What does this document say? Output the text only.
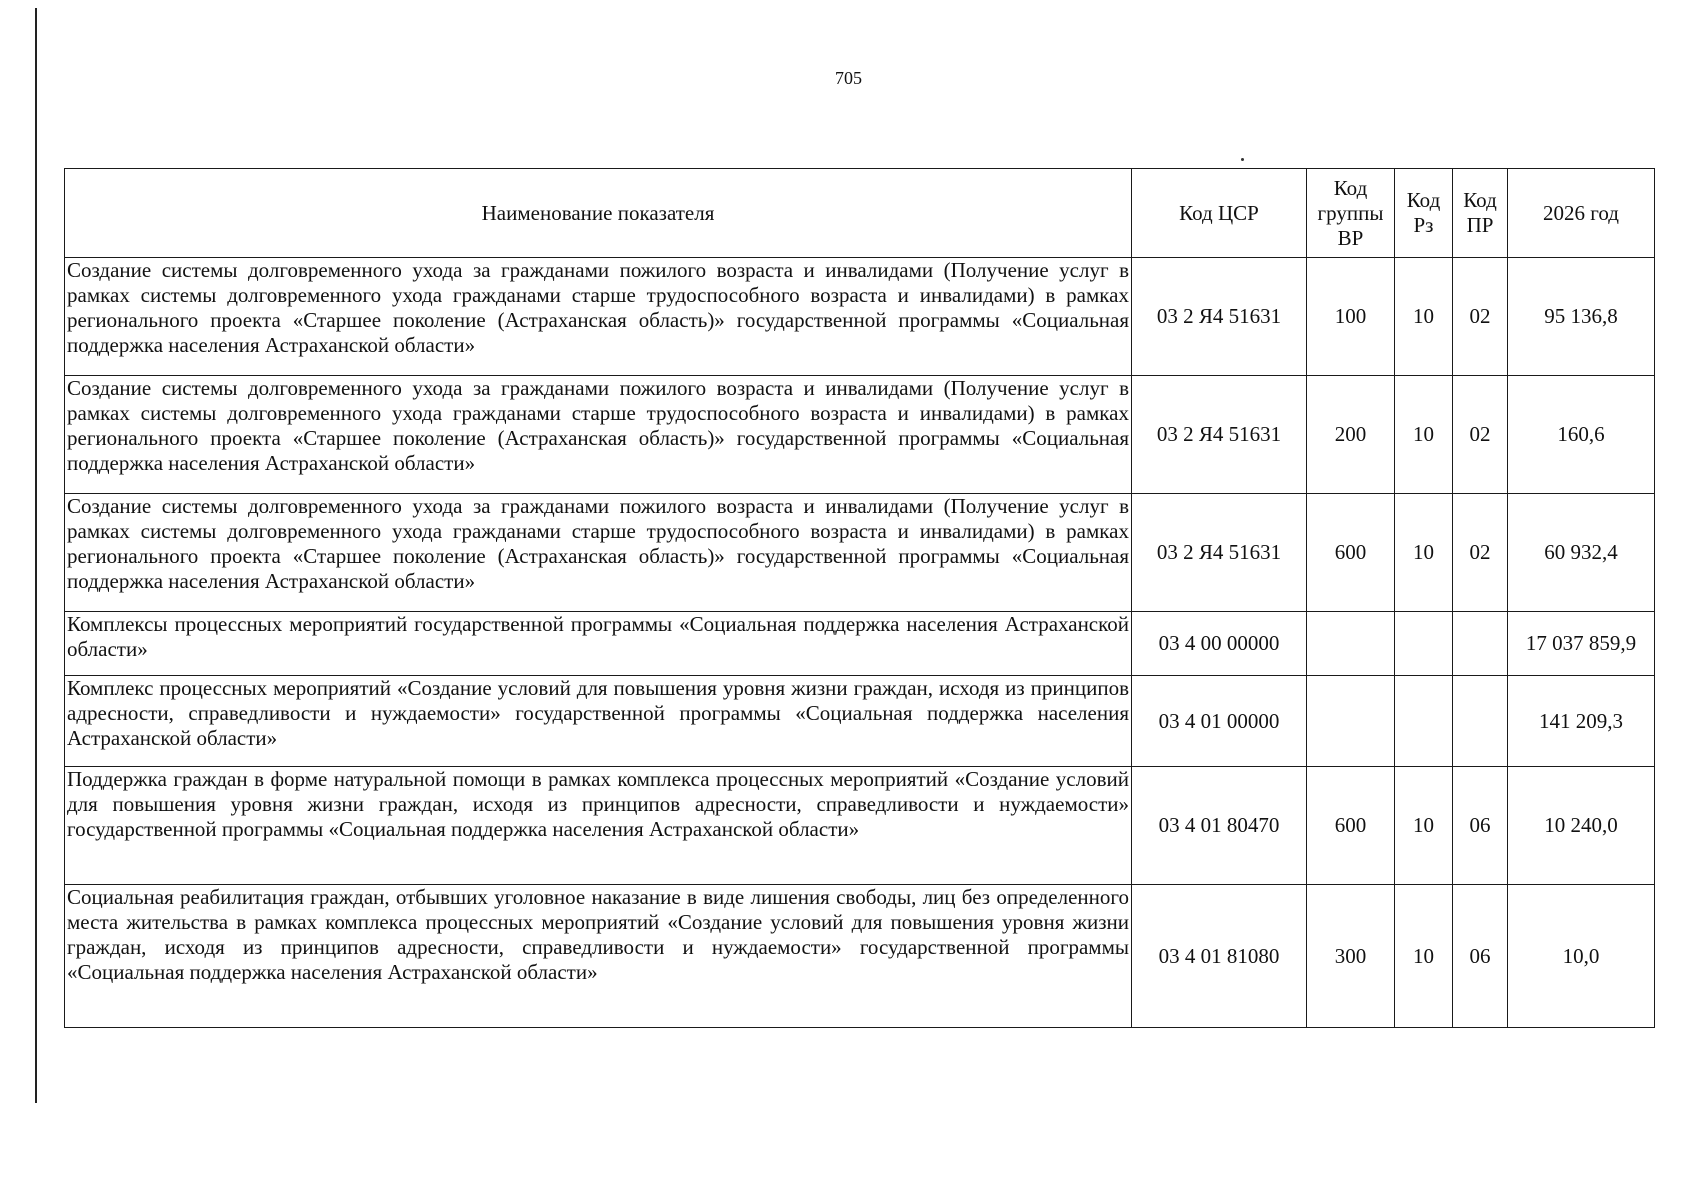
705
Наименование показателя	Код ЦСР	Код группы ВР	Код Рз	Код ПР	2026 год
Создание системы долговременного ухода за гражданами пожилого возраста и инвалидами (Получение услуг в рамках системы долговременного ухода гражданами старше трудоспособного возраста и инвалидами) в рамках регионального проекта «Старшее поколение (Астраханская область)» государственной программы «Социальная поддержка населения Астраханской области»	03 2 Я4 51631	100	10	02	95 136,8
Создание системы долговременного ухода за гражданами пожилого возраста и инвалидами (Получение услуг в рамках системы долговременного ухода гражданами старше трудоспособного возраста и инвалидами) в рамках регионального проекта «Старшее поколение (Астраханская область)» государственной программы «Социальная поддержка населения Астраханской области»	03 2 Я4 51631	200	10	02	160,6
Создание системы долговременного ухода за гражданами пожилого возраста и инвалидами (Получение услуг в рамках системы долговременного ухода гражданами старше трудоспособного возраста и инвалидами) в рамках регионального проекта «Старшее поколение (Астраханская область)» государственной программы «Социальная поддержка населения Астраханской области»	03 2 Я4 51631	600	10	02	60 932,4
Комплексы процессных мероприятий государственной программы «Социальная поддержка населения Астраханской области»	03 4 00 00000				17 037 859,9
Комплекс процессных мероприятий «Создание условий для повышения уровня жизни граждан, исходя из принципов адресности, справедливости и нуждаемости» государственной программы «Социальная поддержка населения Астраханской области»	03 4 01 00000				141 209,3
Поддержка граждан в форме натуральной помощи в рамках комплекса процессных мероприятий «Создание условий для повышения уровня жизни граждан, исходя из принципов адресности, справедливости и нуждаемости» государственной программы «Социальная поддержка населения Астраханской области»	03 4 01 80470	600	10	06	10 240,0
Социальная реабилитация граждан, отбывших уголовное наказание в виде лишения свободы, лиц без определенного места жительства в рамках комплекса процессных мероприятий «Создание условий для повышения уровня жизни граждан, исходя из принципов адресности, справедливости и нуждаемости» государственной программы «Социальная поддержка населения Астраханской области»	03 4 01 81080	300	10	06	10,0
